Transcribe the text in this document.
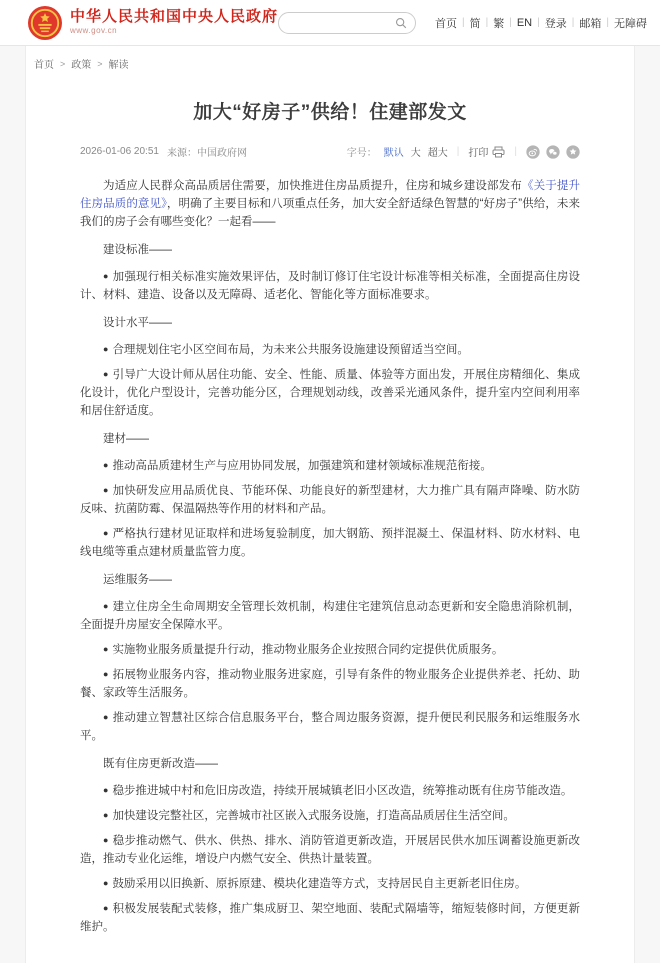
中华人民共和国中央人民政府
www.gov.cn
首页 | 简 | 繁 | EN | 登录 | 邮箱 | 无障碍
首页 > 政策 > 解读
加大“好房子”供给！住建部发文
2026-01-06 20:51 来源：中国政府网	字号： 默认 大 超大 | 打印	|

为适应人民群众高品质居住需要，加快推进住房品质提升，住房和城乡建设部发布《关于提升住房品质的意见》，明确了主要目标和八项重点任务，加大安全舒适绿色智慧的“好房子”供给，未来我们的房子会有哪些变化？一起看——

建设标准——

● 加强现行相关标准实施效果评估，及时制订修订住宅设计标准等相关标准，全面提高住房设计、材料、建造、设备以及无障碍、适老化、智能化等方面标准要求。

设计水平——

● 合理规划住宅小区空间布局，为未来公共服务设施建设预留适当空间。

● 引导广大设计师从居住功能、安全、性能、质量、体验等方面出发，开展住房精细化、集成化设计，优化户型设计，完善功能分区，合理规划动线，改善采光通风条件，提升室内空间利用率和居住舒适度。

建材——

● 推动高品质建材生产与应用协同发展，加强建筑和建材领域标准规范衔接。

● 加快研发应用品质优良、节能环保、功能良好的新型建材，大力推广具有隔声降噪、防水防反味、抗菌防霉、保温隔热等作用的材料和产品。

● 严格执行建材见证取样和进场复验制度，加大钢筋、预拌混凝土、保温材料、防水材料、电线电缆等重点建材质量监管力度。

运维服务——

● 建立住房全生命周期安全管理长效机制，构建住宅建筑信息动态更新和安全隐患消除机制，全面提升房屋安全保障水平。

● 实施物业服务质量提升行动，推动物业服务企业按照合同约定提供优质服务。

● 拓展物业服务内容，推动物业服务进家庭，引导有条件的物业服务企业提供养老、托幼、助餐、家政等生活服务。

● 推动建立智慧社区综合信息服务平台，整合周边服务资源，提升便民利民服务和运维服务水平。

既有住房更新改造——

● 稳步推进城中村和危旧房改造，持续开展城镇老旧小区改造，统筹推动既有住房节能改造。

● 加快建设完整社区，完善城市社区嵌入式服务设施，打造高品质居住生活空间。

● 稳步推动燃气、供水、供热、排水、消防管道更新改造，开展居民供水加压调蓄设施更新改造，推动专业化运维，增设户内燃气安全、供热计量装置。

● 鼓励采用以旧换新、原拆原建、模块化建造等方式，支持居民自主更新老旧住房。

● 积极发展装配式装修，推广集成厨卫、架空地面、装配式隔墙等，缩短装修时间，方便更新维护。
